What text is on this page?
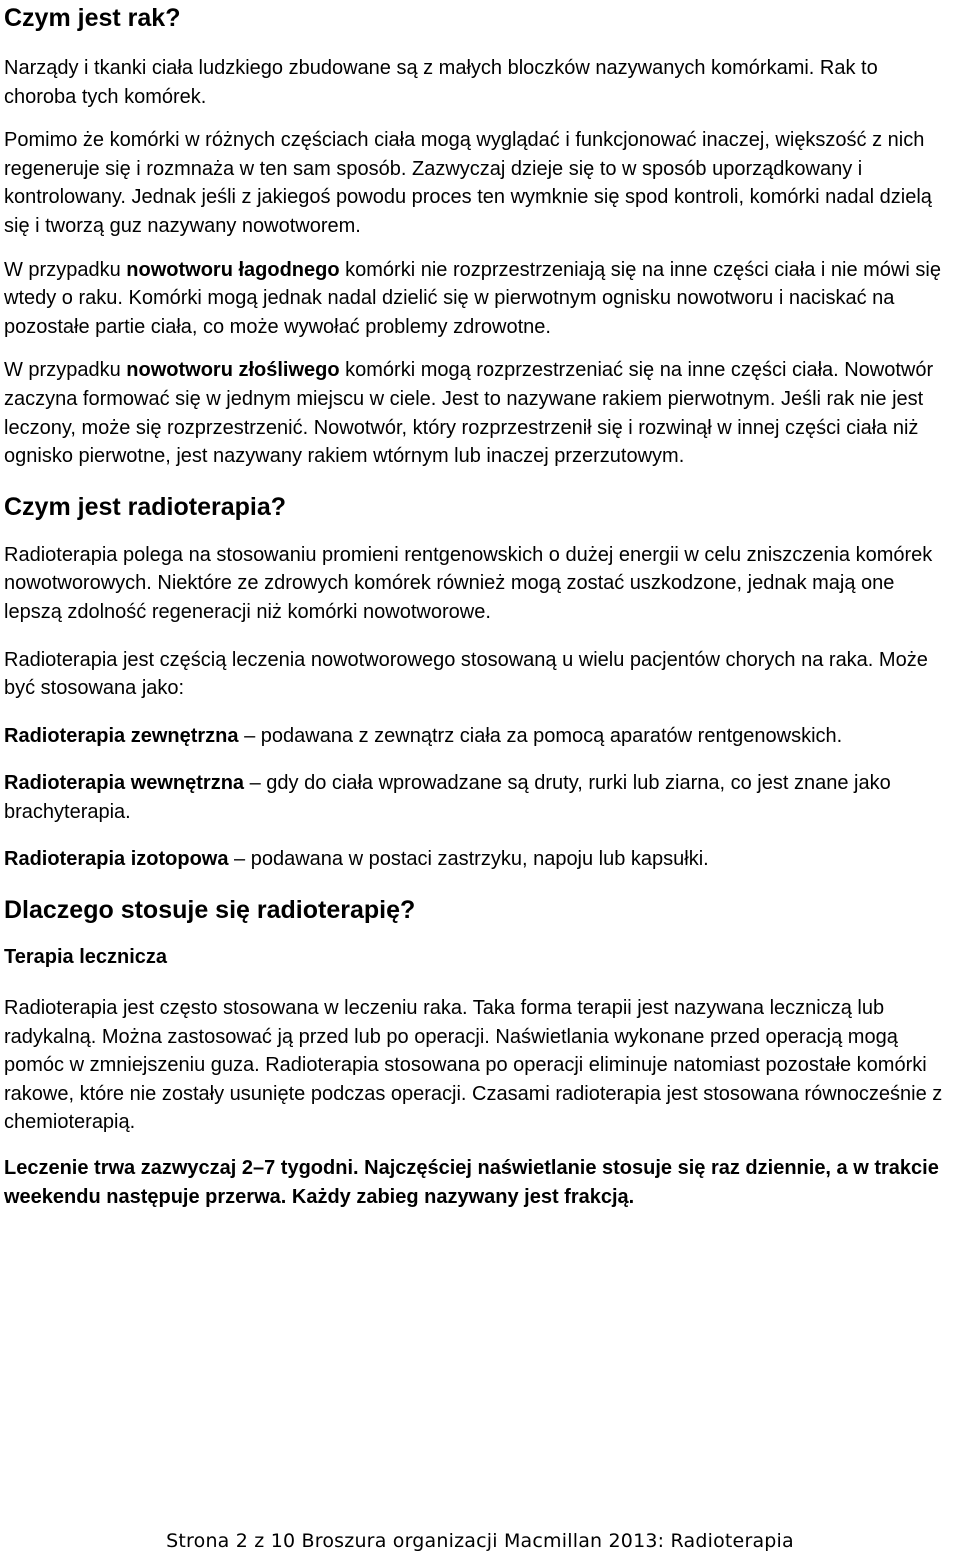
Czym jest rak?

Narządy i tkanki ciała ludzkiego zbudowane są z małych bloczków nazywanych komórkami. Rak to choroba tych komórek.

Pomimo że komórki w różnych częściach ciała mogą wyglądać i funkcjonować inaczej, większość z nich regeneruje się i rozmnaża w ten sam sposób. Zazwyczaj dzieje się to w sposób uporządkowany i kontrolowany. Jednak jeśli z jakiegoś powodu proces ten wymknie się spod kontroli, komórki nadal dzielą się i tworzą guz nazywany nowotworem.

W przypadku nowotworu łagodnego komórki nie rozprzestrzeniają się na inne części ciała i nie mówi się wtedy o raku. Komórki mogą jednak nadal dzielić się w pierwotnym ognisku nowotworu i naciskać na pozostałe partie ciała, co może wywołać problemy zdrowotne.

W przypadku nowotworu złośliwego komórki mogą rozprzestrzeniać się na inne części ciała. Nowotwór zaczyna formować się w jednym miejscu w ciele. Jest to nazywane rakiem pierwotnym. Jeśli rak nie jest leczony, może się rozprzestrzenić. Nowotwór, który rozprzestrzenił się i rozwinął w innej części ciała niż ognisko pierwotne, jest nazywany rakiem wtórnym lub inaczej przerzutowym.

Czym jest radioterapia?

Radioterapia polega na stosowaniu promieni rentgenowskich o dużej energii w celu zniszczenia komórek nowotworowych. Niektóre ze zdrowych komórek również mogą zostać uszkodzone, jednak mają one lepszą zdolność regeneracji niż komórki nowotworowe.

Radioterapia jest częścią leczenia nowotworowego stosowaną u wielu pacjentów chorych na raka. Może być stosowana jako:

Radioterapia zewnętrzna – podawana z zewnątrz ciała za pomocą aparatów rentgenowskich.

Radioterapia wewnętrzna – gdy do ciała wprowadzane są druty, rurki lub ziarna, co jest znane jako brachyterapia.

Radioterapia izotopowa – podawana w postaci zastrzyku, napoju lub kapsułki.

Dlaczego stosuje się radioterapię?
Terapia lecznicza

Radioterapia jest często stosowana w leczeniu raka. Taka forma terapii jest nazywana leczniczą lub radykalną. Można zastosować ją przed lub po operacji. Naświetlania wykonane przed operacją mogą pomóc w zmniejszeniu guza. Radioterapia stosowana po operacji eliminuje natomiast pozostałe komórki rakowe, które nie zostały usunięte podczas operacji. Czasami radioterapia jest stosowana równocześnie z chemioterapią.

Leczenie trwa zazwyczaj 2–7 tygodni. Najczęściej naświetlanie stosuje się raz dziennie, a w trakcie weekendu następuje przerwa. Każdy zabieg nazywany jest frakcją.

Strona 2 z 10 Broszura organizacji Macmillan 2013: Radioterapia
